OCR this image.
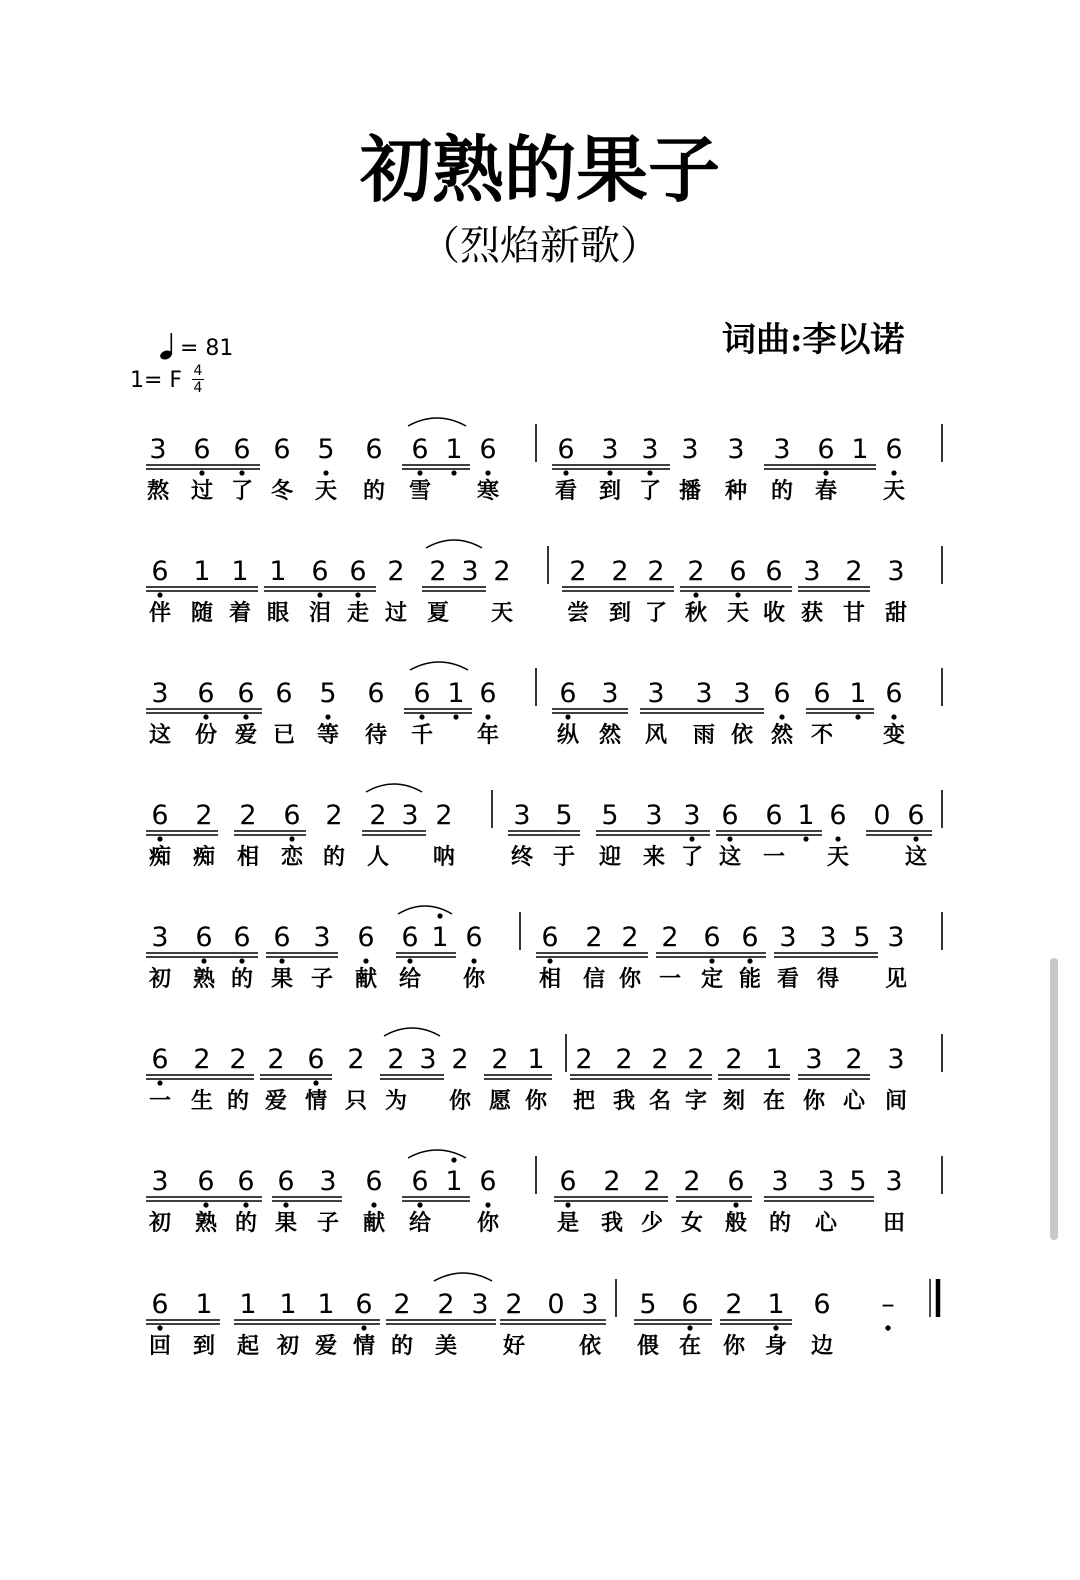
初熟的果子
（烈焰新歌）

= 81

1= F 4
4
词曲:李以诺
3 6 6 6 5 6 6 1 6 6 3 3 3 3 3 6 1 6
熬 过 了 冬 天 的 雪 寒	看 到 了 播 种 的 春 天
6 1 1 1 6 6 2 2 3 2 2 2 2 2 6 6 3 2 3
伴 随 着 眼 泪 走 过 夏 天 尝 到 了 秋 天 收 获 甘 甜
3 6 6 6 5 6 6 1 6 6 3 3 3 3 6 6 1 6
这 份 爱 已 等 待 千 年	纵 然 风 雨 依 然 不 变
6 2 2 6 2 2 3 2 3 5 5 3 3 6 6 1 6 0 6
痴 痴 相 恋 的 人 呐	终 于 迎 来 了 这 一 天	这
3 6 6 6 3 6 6 1 6 6 2 2 2 6 6 3 3 5 3
初 熟 的 果 子 献 给 你 相 信 你 一 定 能 看 得 见
6 2 2 2 6 2 2 3 2 2 1 2 2 2 2 2 1 3 2 3
一 生 的 爱 情 只 为 你 愿 你 把 我 名 字 刻 在 你 心 间
3 6 6 6 3 6 6 1 6 6 2 2 2 6 3 3 5 3
初 熟 的 果 子 献 给 你	是 我 少 女 般 的 心 田
6 1 1 1 1 6 2 2 3 2 0 3 5 6 2 1 6 –
回 到 起 初 爱 情 的 美 好 依 偎 在 你 身 边
